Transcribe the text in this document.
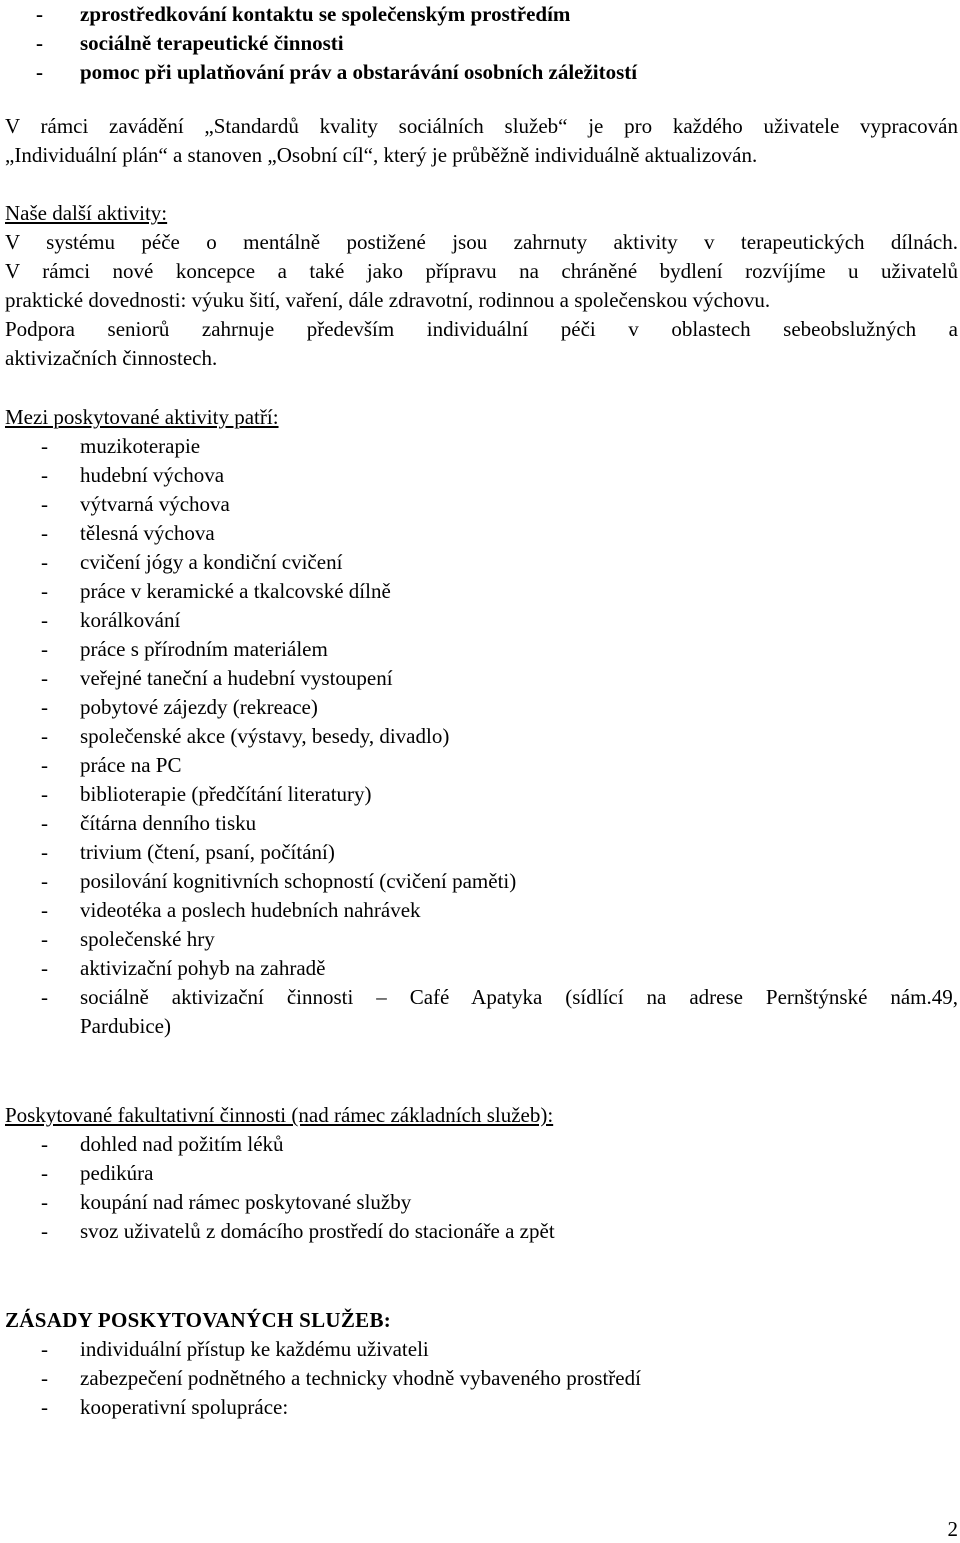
- zprostředkování kontaktu se společenským prostředím
- sociálně terapeutické činnosti
- pomoc při uplatňování práv a obstarávání osobních záležitostí
V rámci zavádění „Standardů kvality sociálních služeb“ je pro každého uživatele vypracován
„Individuální plán“ a stanoven „Osobní cíl“, který je průběžně individuálně aktualizován.
Naše další aktivity:
V systému péče o mentálně postižené jsou zahrnuty aktivity v terapeutických dílnách.
V rámci nové koncepce a také jako přípravu na chráněné bydlení rozvíjíme u uživatelů
praktické dovednosti: výuku šití, vaření, dále zdravotní, rodinnou a společenskou výchovu.
Podpora seniorů zahrnuje především individuální péči v oblastech sebeobslužných a
aktivizačních činnostech.
Mezi poskytované aktivity patří:
- muzikoterapie
- hudební výchova
- výtvarná výchova
- tělesná výchova
- cvičení jógy a kondiční cvičení
- práce v keramické a tkalcovské dílně
- korálkování
- práce s přírodním materiálem
- veřejné taneční a hudební vystoupení
- pobytové zájezdy (rekreace)
- společenské akce (výstavy, besedy, divadlo)
- práce na PC
- biblioterapie (předčítání literatury)
- čítárna denního tisku
- trivium (čtení, psaní, počítání)
- posilování kognitivních schopností (cvičení paměti)
- videotéka a poslech hudebních nahrávek
- společenské hry
- aktivizační pohyb na zahradě
- sociálně aktivizační činnosti – Café Apatyka (sídlící na adrese Pernštýnské nám.49,
Pardubice)
Poskytované fakultativní činnosti (nad rámec základních služeb):
- dohled nad požitím léků
- pedikúra
- koupání nad rámec poskytované služby
- svoz uživatelů z domácího prostředí do stacionáře a zpět
ZÁSADY POSKYTOVANÝCH SLUŽEB:
- individuální přístup ke každému uživateli
- zabezpečení podnětného a technicky vhodně vybaveného prostředí
- kooperativní spolupráce:
2
